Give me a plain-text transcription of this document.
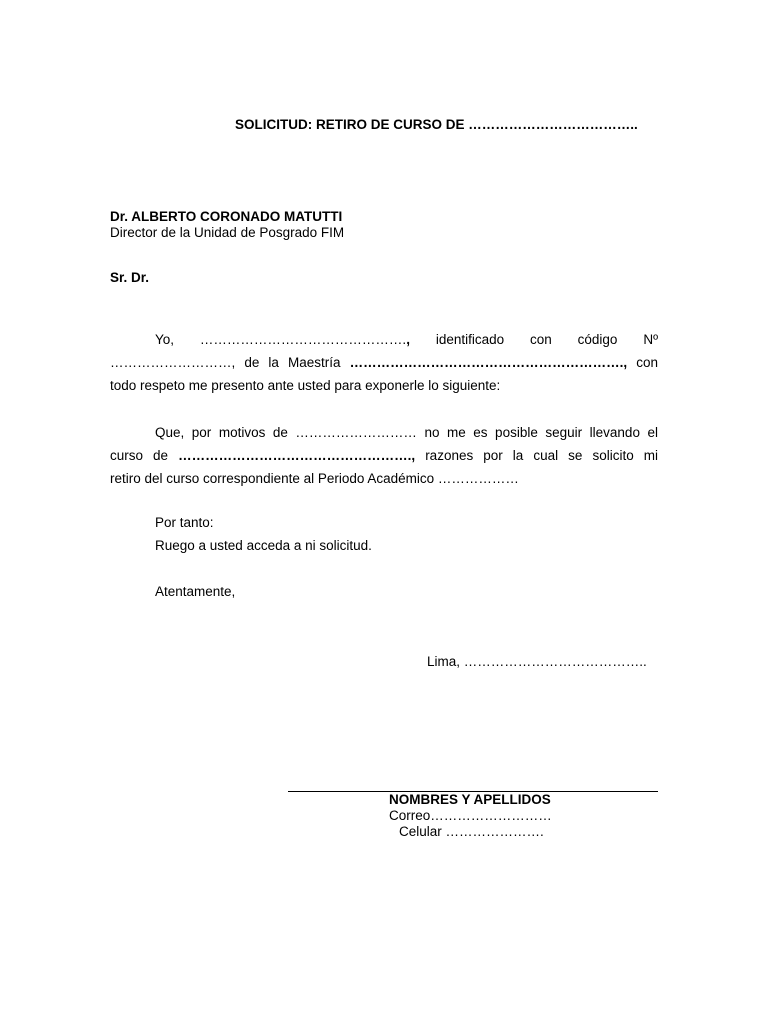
SOLICITUD: RETIRO DE CURSO DE ………………………………..
Dr. ALBERTO CORONADO MATUTTI
Director de la Unidad de Posgrado FIM
Sr. Dr.
Yo, ………………………………………., identificado con código Nº
………………………, de la Maestría ……………………………………………………., con
todo respeto me presento ante usted para exponerle lo siguiente:
Que, por motivos de ……………………… no me es posible seguir llevando el
curso de ……………………………………………., razones por la cual se solicito mi
retiro del curso correspondiente al Periodo Académico ………………
Por tanto:
Ruego a usted acceda a ni solicitud.
Atentamente,
Lima, …………………………………..
NOMBRES Y APELLIDOS
Correo………………………
Celular ………………….
